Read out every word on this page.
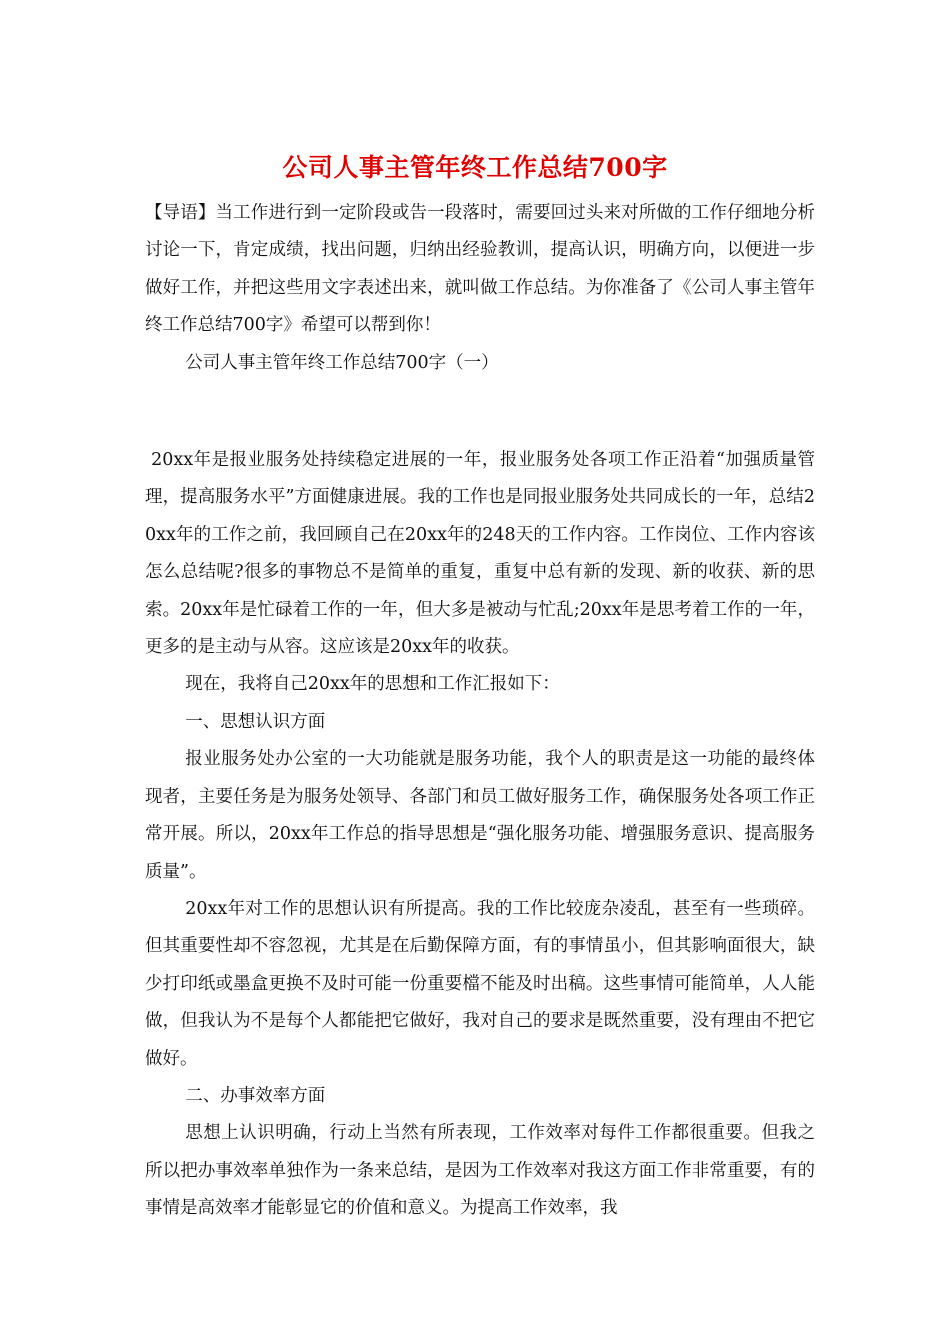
公司人事主管年终工作总结700字

【导语】当工作进行到一定阶段或告一段落时，需要回过头来对所做的工作仔细地分析讨论一下，肯定成绩，找出问题，归纳出经验教训，提高认识，明确方向，以便进一步做好工作，并把这些用文字表述出来，就叫做工作总结。为你准备了《公司人事主管年终工作总结700字》希望可以帮到你！

公司人事主管年终工作总结700字（一）

20xx年是报业服务处持续稳定进展的一年，报业服务处各项工作正沿着“加强质量管理，提高服务水平”方面健康进展。我的工作也是同报业服务处共同成长的一年，总结20xx年的工作之前，我回顾自己在20xx年的248天的工作内容。工作岗位、工作内容该怎么总结呢?很多的事物总不是简单的重复，重复中总有新的发现、新的收获、新的思索。20xx年是忙碌着工作的一年，但大多是被动与忙乱;20xx年是思考着工作的一年，更多的是主动与从容。这应该是20xx年的收获。

现在，我将自己20xx年的思想和工作汇报如下：

一、思想认识方面

报业服务处办公室的一大功能就是服务功能，我个人的职责是这一功能的最终体现者，主要任务是为服务处领导、各部门和员工做好服务工作，确保服务处各项工作正常开展。所以，20xx年工作总的指导思想是“强化服务功能、增强服务意识、提高服务质量”。

20xx年对工作的思想认识有所提高。我的工作比较庞杂凌乱，甚至有一些琐碎。但其重要性却不容忽视，尤其是在后勤保障方面，有的事情虽小，但其影响面很大，缺少打印纸或墨盒更换不及时可能一份重要檔不能及时出稿。这些事情可能简单，人人能做，但我认为不是每个人都能把它做好，我对自己的要求是既然重要，没有理由不把它做好。

二、办事效率方面

思想上认识明确，行动上当然有所表现，工作效率对每件工作都很重要。但我之所以把办事效率单独作为一条来总结，是因为工作效率对我这方面工作非常重要，有的事情是高效率才能彰显它的价值和意义。为提高工作效率，我
